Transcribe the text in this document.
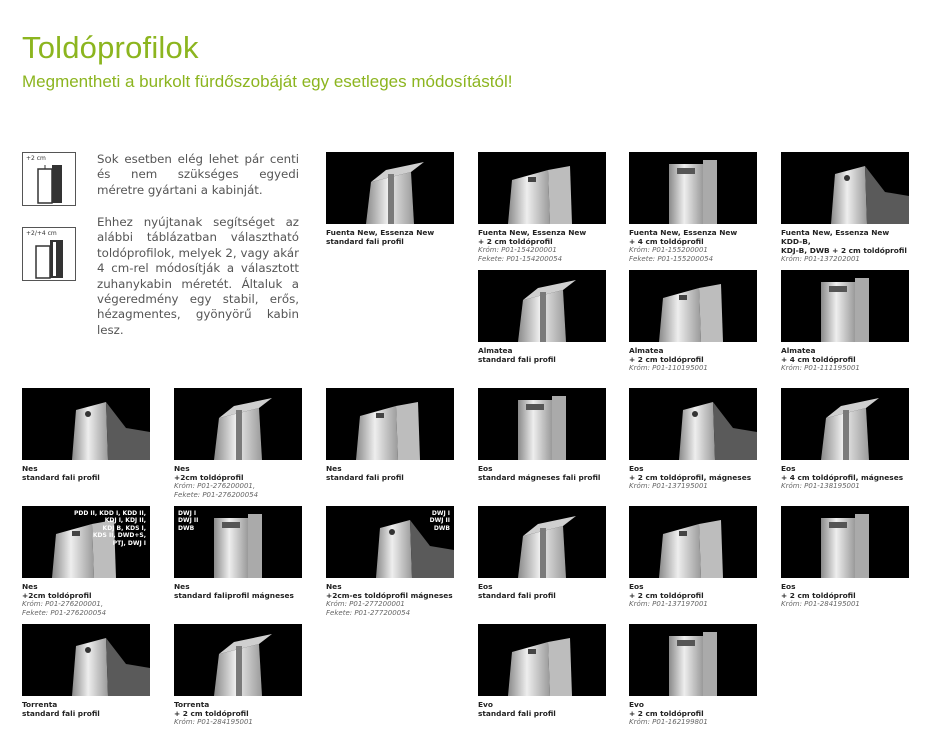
Toldóprofilok
Megmentheti a burkolt fürdőszobáját egy esetleges módosítástól!
+2 cm
+2/+4 cm
Sok esetben elég lehet pár centi és nem szükséges egyedi méretre gyártani a kabinját.
Ehhez nyújtanak segítséget az alábbi táblázatban választható toldóprofilok, melyek 2, vagy akár 4 cm-rel módosítják a választott zuhanykabin méretét. Általuk a végeredmény egy stabil, erős, hézagmentes, gyönyörű kabin lesz.
Fuenta New, Essenza New
standard fali profil
Fuenta New, Essenza New
+ 2 cm toldóprofil
Króm: P01-154200001
Fekete: P01-154200054
Fuenta New, Essenza New
+ 4 cm toldóprofil
Króm: P01-155200001
Fekete: P01-155200054
Fuenta New, Essenza New KDD-B,
KDJ-B, DWB + 2 cm toldóprofil
Króm: P01-137202001
Almatea
standard fali profil
Almatea
+ 2 cm toldóprofil
Króm: P01-110195001
Almatea
+ 4 cm toldóprofil
Króm: P01-111195001
Nes
standard fali profil
Nes
+2cm toldóprofil
Króm: P01-276200001,
Fekete: P01-276200054
Nes
standard fali profil
Eos
standard mágneses fali profil
Eos
+ 2 cm toldóprofil, mágneses
Króm: P01-137195001
Eos
+ 4 cm toldóprofil, mágneses
Króm: P01-138195001
PDD II, KDD I, KDD II,
KDJ I, KDJ II,
KDJ B, KDS I,
KDS II, DWD+S,
PTJ, DWJ I
Nes
+2cm toldóprofil
Króm: P01-276200001,
Fekete: P01-276200054
DWJ I
DWJ II
DWB
Nes
standard faliprofil mágneses
DWJ I
DWJ II
DWB
Nes
+2cm-es toldóprofil mágneses
Króm: P01-277200001
Fekete: P01-277200054
Eos
standard fali profil
Eos
+ 2 cm toldóprofil
Króm: P01-137197001
Eos
+ 2 cm toldóprofil
Króm: P01-284195001
Torrenta
standard fali profil
Torrenta
+ 2 cm toldóprofil
Króm: P01-284195001
Evo
standard fali profil
Evo
+ 2 cm toldóprofil
Króm: P01-162199801
